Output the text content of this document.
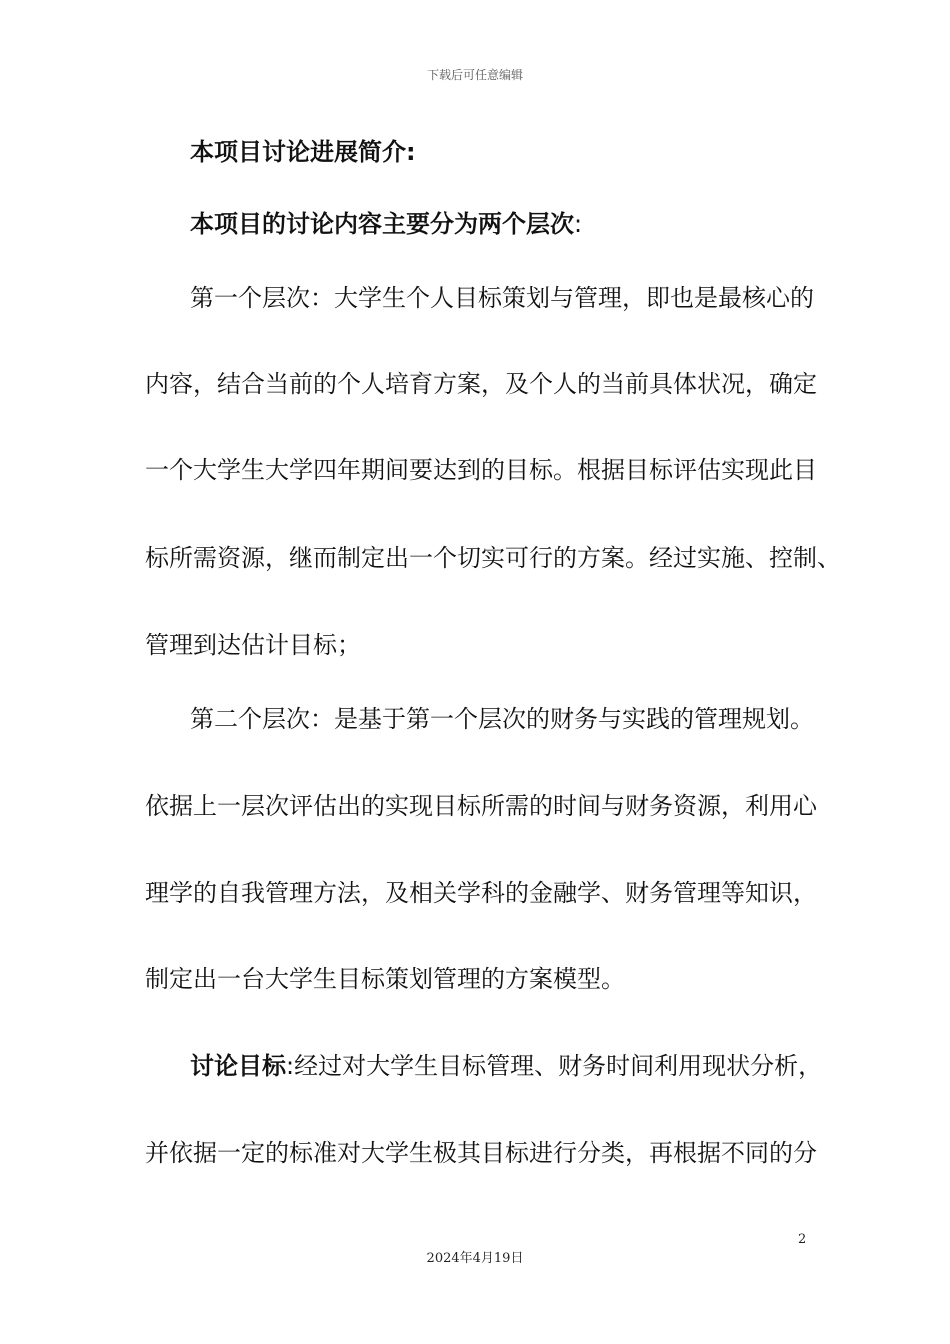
下载后可任意编辑
本项目讨论进展简介:
本项目的讨论内容主要分为两个层次:
第一个层次：大学生个人目标策划与管理，即也是最核心的
内容，结合当前的个人培育方案，及个人的当前具体状况，确定
一个大学生大学四年期间要达到的目标。根据目标评估实现此目
标所需资源，继而制定出一个切实可行的方案。经过实施、控制、
管理到达估计目标；
第二个层次：是基于第一个层次的财务与实践的管理规划。
依据上一层次评估出的实现目标所需的时间与财务资源，利用心
理学的自我管理方法，及相关学科的金融学、财务管理等知识，
制定出一台大学生目标策划管理的方案模型。
讨论目标:经过对大学生目标管理、财务时间利用现状分析，
并依据一定的标准对大学生极其目标进行分类，再根据不同的分
2
2024年4月19日
